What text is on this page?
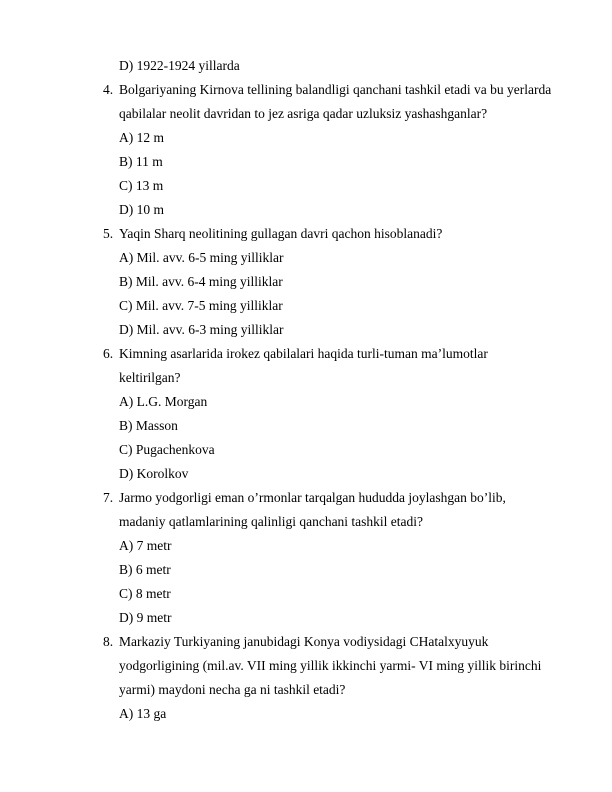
D) 1922-1924 yillarda
4. Bolgariyaning Kirnova tellining balandligi qanchani tashkil etadi va bu yerlarda
qabilalar neolit davridan to jez asriga qadar uzluksiz yashashganlar?
A) 12 m
B) 11 m
C) 13 m
D) 10 m
5. Yaqin Sharq neolitining gullagan davri qachon hisoblanadi?
A) Mil. avv. 6-5 ming yilliklar
B) Mil. avv. 6-4 ming yilliklar
C) Mil. avv. 7-5 ming yilliklar
D) Mil. avv. 6-3 ming yilliklar
6. Kimning asarlarida irokez qabilalari haqida turli-tuman ma’lumotlar
keltirilgan?
A) L.G. Morgan
B) Masson
C) Pugachenkova
D) Korolkov
7. Jarmo yodgorligi eman o’rmonlar tarqalgan hududda joylashgan bo’lib,
madaniy qatlamlarining qalinligi qanchani tashkil etadi?
A) 7 metr
B) 6 metr
C) 8 metr
D) 9 metr
8. Markaziy Turkiyaning janubidagi Konya vodiysidagi CHatalxyuyuk
yodgorligining (mil.av. VII ming yillik ikkinchi yarmi- VI ming yillik birinchi
yarmi) maydoni necha ga ni tashkil etadi?
A) 13 ga
